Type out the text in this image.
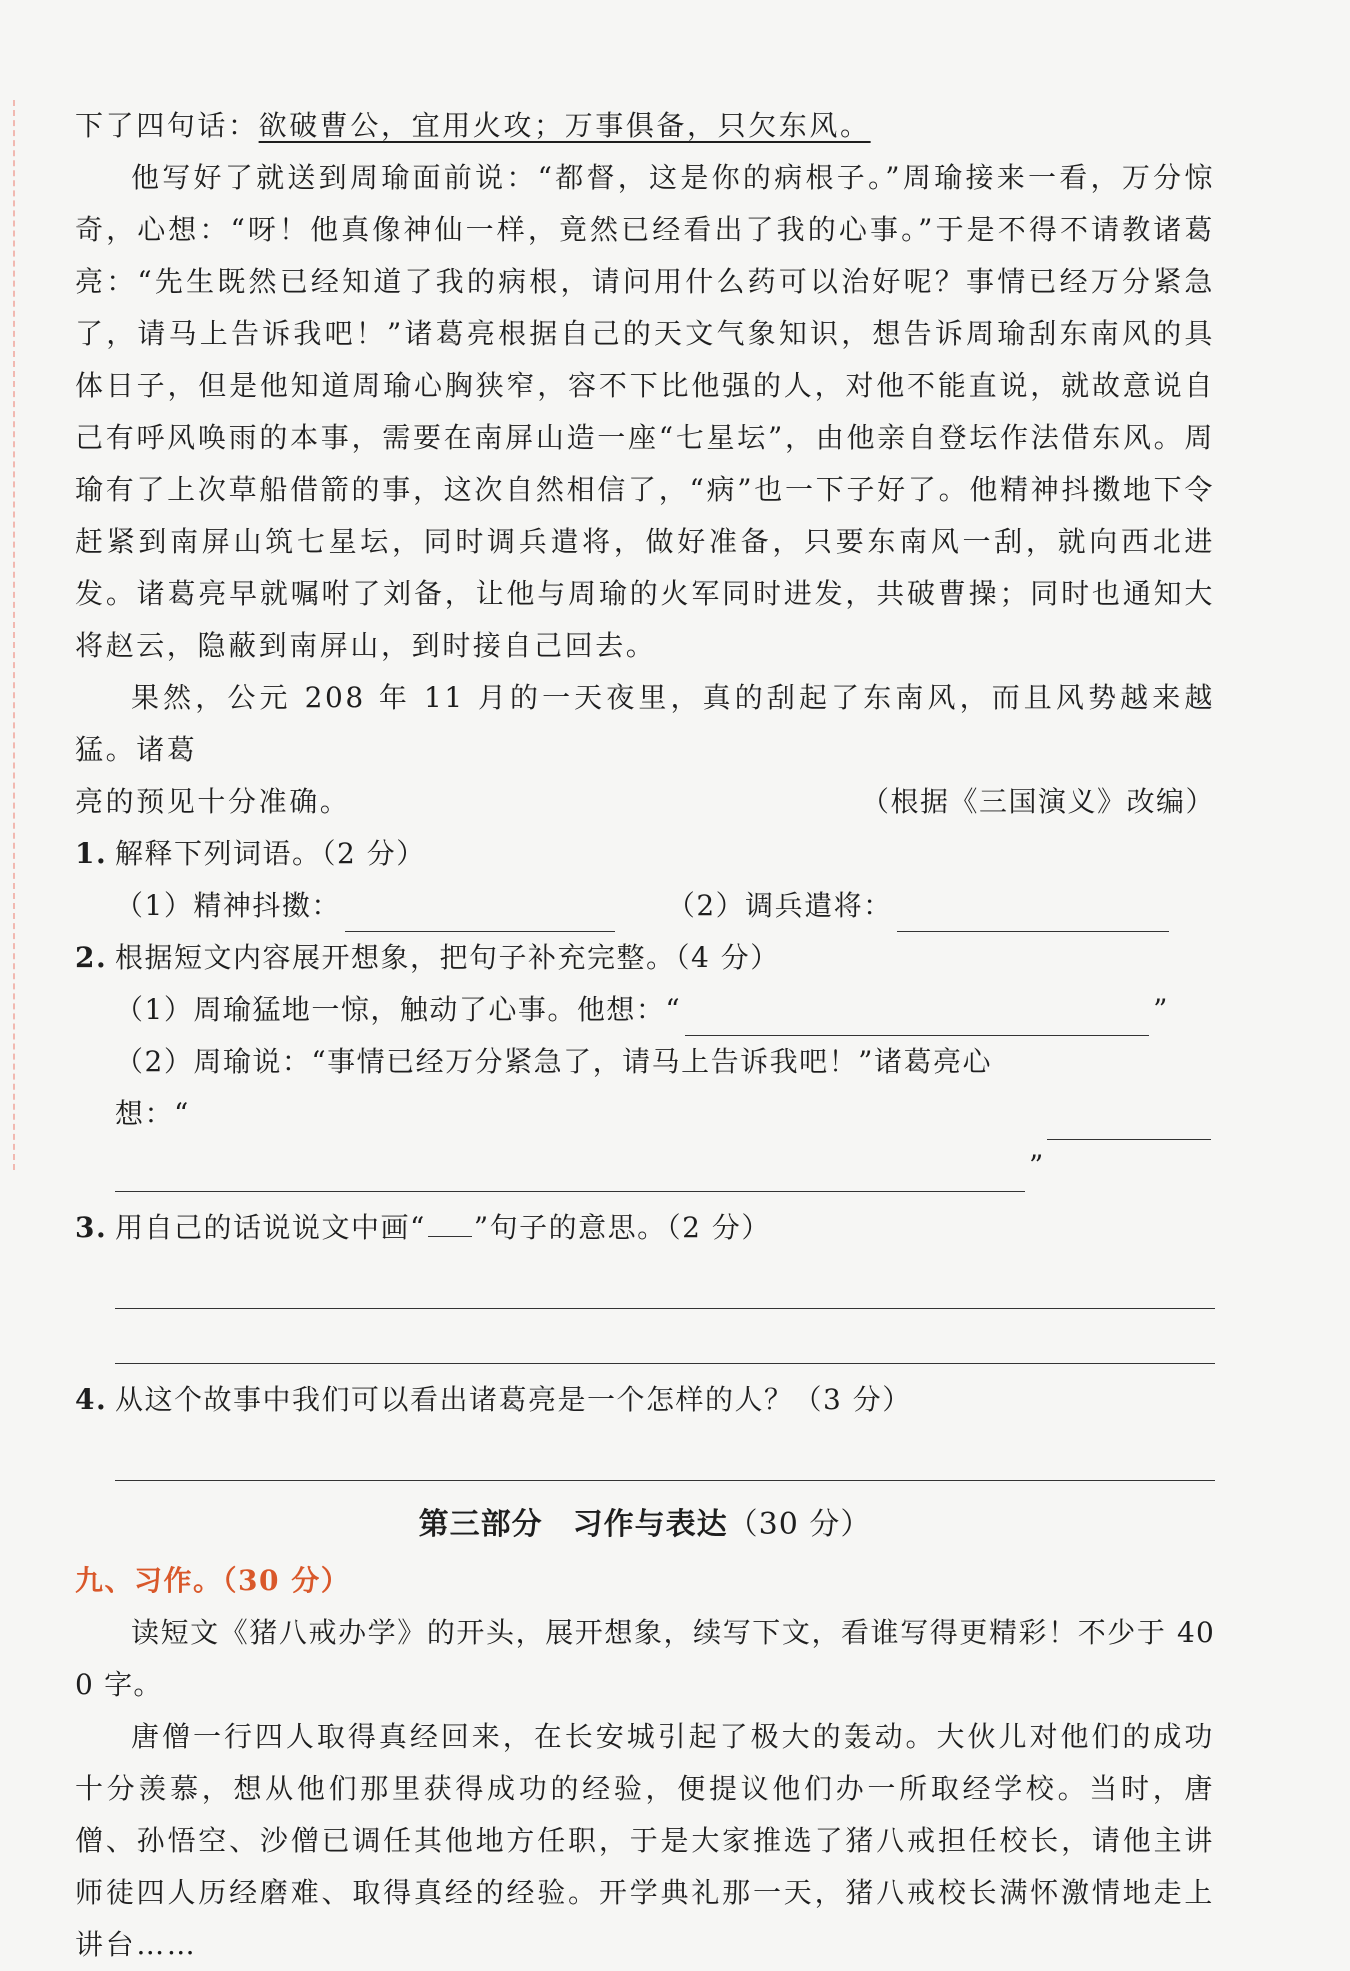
下了四句话：欲破曹公，宜用火攻；万事俱备，只欠东风。

他写好了就送到周瑜面前说：“都督，这是你的病根子。”周瑜接来一看，万分惊奇，心想：“呀！他真像神仙一样，竟然已经看出了我的心事。”于是不得不请教诸葛亮：“先生既然已经知道了我的病根，请问用什么药可以治好呢？事情已经万分紧急了，请马上告诉我吧！”诸葛亮根据自己的天文气象知识，想告诉周瑜刮东南风的具体日子，但是他知道周瑜心胸狭窄，容不下比他强的人，对他不能直说，就故意说自己有呼风唤雨的本事，需要在南屏山造一座“七星坛”，由他亲自登坛作法借东风。周瑜有了上次草船借箭的事，这次自然相信了，“病”也一下子好了。他精神抖擞地下令赶紧到南屏山筑七星坛，同时调兵遣将，做好准备，只要东南风一刮，就向西北进发。诸葛亮早就嘱咐了刘备，让他与周瑜的火军同时进发，共破曹操；同时也通知大将赵云，隐蔽到南屏山，到时接自己回去。

果然，公元 208 年 11 月的一天夜里，真的刮起了东南风，而且风势越来越猛。诸葛

亮的预见十分准确。	（根据《三国演义》改编）

1. 解释下列词语。（2 分）

（1）精神抖擞：	（2）调兵遣将：

2. 根据短文内容展开想象，把句子补充完整。（4 分）

（1）周瑜猛地一惊，触动了心事。他想：“	”
（2）周瑜说：“事情已经万分紧急了，请马上告诉我吧！”诸葛亮心想：“
”

3. 用自己的话说说文中画“ ”句子的意思。（2 分）

4. 从这个故事中我们可以看出诸葛亮是一个怎样的人？（3 分）

第三部分 习作与表达（30 分）

九、习作。（30 分）

读短文《猪八戒办学》的开头，展开想象，续写下文，看谁写得更精彩！不少于 400 字。

唐僧一行四人取得真经回来，在长安城引起了极大的轰动。大伙儿对他们的成功十分羡慕，想从他们那里获得成功的经验，便提议他们办一所取经学校。当时，唐僧、孙悟空、沙僧已调任其他地方任职，于是大家推选了猪八戒担任校长，请他主讲师徒四人历经磨难、取得真经的经验。开学典礼那一天，猪八戒校长满怀激情地走上讲台……
